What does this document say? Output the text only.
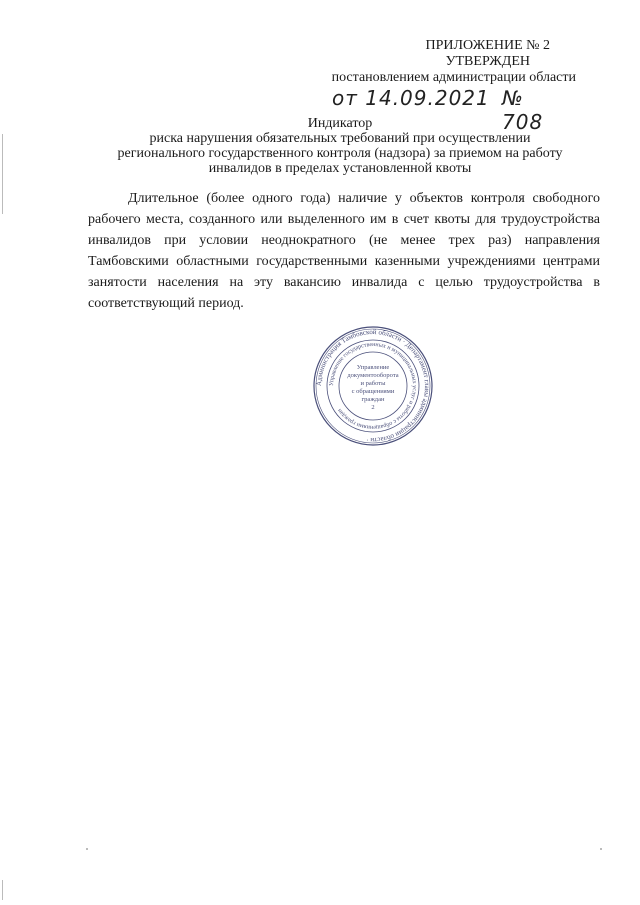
ПРИЛОЖЕНИЕ № 2
УТВЕРЖДЕН
постановлением администрации области
от 14.09.2021 № 708
Индикатор
риска нарушения обязательных требований при осуществлении
регионального государственного контроля (надзора) за приемом на работу
инвалидов в пределах установленной квоты
Длительное (более одного года) наличие у объектов контроля свободного рабочего места, созданного или выделенного им в счет квоты для трудоустройства инвалидов при условии неоднократного (не менее трех раз) направления Тамбовскими областными государственными казенными учреждениями центрами занятости населения на эту вакансию инвалида с целью трудоустройства в соответствующий период.
Администрация Тамбовской области · Департамент главы администрации области ·
Управление государственных и муниципальных услуг и работы с обращениями граждан
Управление
документооборота
и работы
с обращениями
граждан
2
